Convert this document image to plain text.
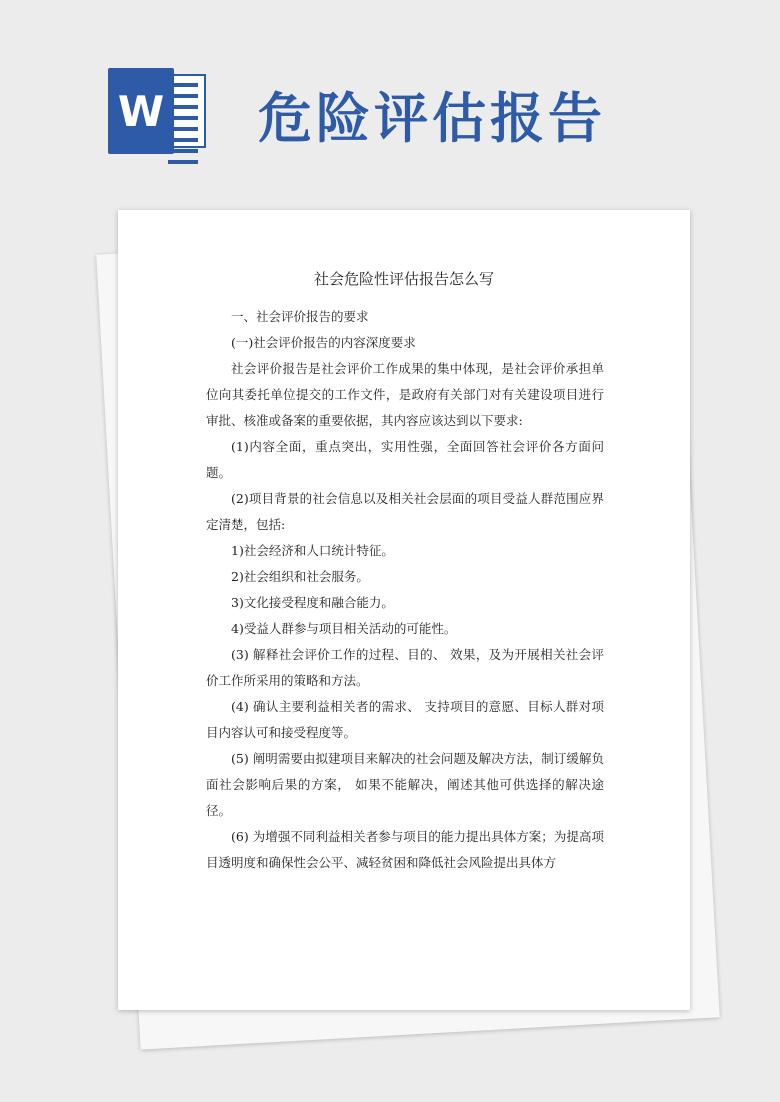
W 危险评估报告
社会危险性评估报告怎么写

一、社会评价报告的要求

(一)社会评价报告的内容深度要求

社会评价报告是社会评价工作成果的集中体现，是社会评价承担单位向其委托单位提交的工作文件，是政府有关部门对有关建设项目进行审批、核准或备案的重要依据，其内容应该达到以下要求:

(1)内容全面，重点突出，实用性强，全面回答社会评价各方面问题。

(2)项目背景的社会信息以及相关社会层面的项目受益人群范围应界定清楚，包括:

1)社会经济和人口统计特征。

2)社会组织和社会服务。

3)文化接受程度和融合能力。

4)受益人群参与项目相关活动的可能性。

(3) 解释社会评价工作的过程、目的、 效果，及为开展相关社会评价工作所采用的策略和方法。

(4) 确认主要利益相关者的需求、 支持项目的意愿、目标人群对项目内容认可和接受程度等。

(5) 阐明需要由拟建项目来解决的社会问题及解决方法，制订缓解负面社会影响后果的方案， 如果不能解决，阐述其他可供选择的解决途径。

(6) 为增强不同利益相关者参与项目的能力提出具体方案；为提高项目透明度和确保性会公平、减轻贫困和降低社会风险提出具体方
